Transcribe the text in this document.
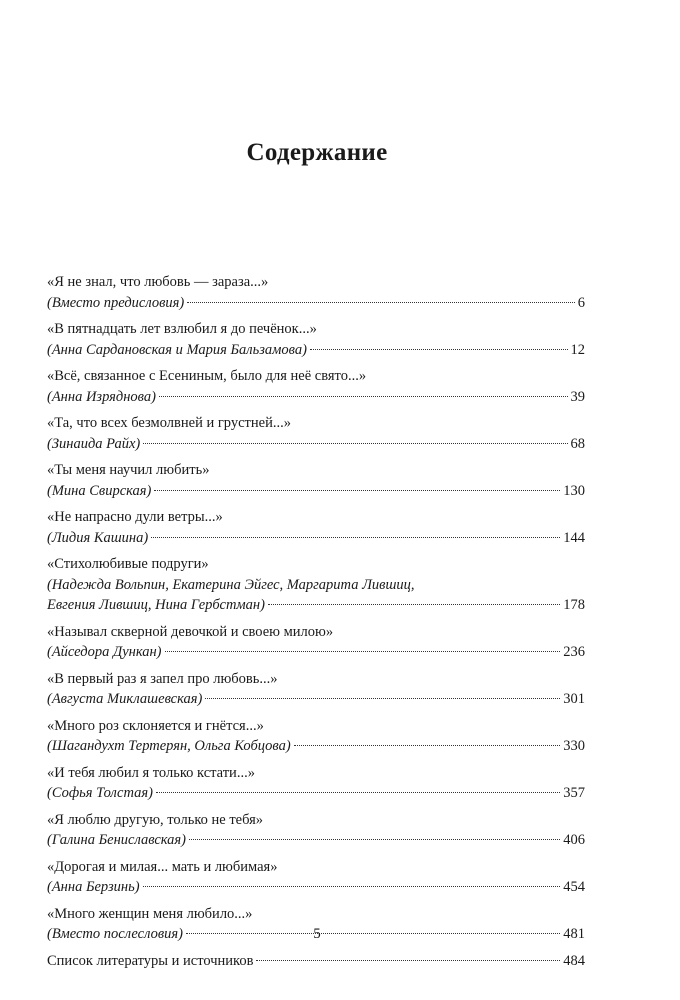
Содержание
«Я не знал, что любовь — зараза...»
(Вместо предисловия)	6
«В пятнадцать лет взлюбил я до печёнок...»
(Анна Сардановская и Мария Бальзамова)	12
«Всё, связанное с Есениным, было для неё свято...»
(Анна Изряднова)	39
«Та, что всех безмолвней и грустней...»
(Зинаида Райх)	68
«Ты меня научил любить»
(Мина Свирская)	130
«Не напрасно дули ветры...»
(Лидия Кашина)	144
«Стихолюбивые подруги»
(Надежда Вольпин, Екатерина Эйгес, Маргарита Лившиц,
Евгения Лившиц, Нина Гербстман)	178
«Называл скверной девочкой и своею милою»
(Айседора Дункан)	236
«В первый раз я запел про любовь...»
(Августа Миклашевская)	301
«Много роз склоняется и гнётся...»
(Шагандухт Тертерян, Ольга Кобцова)	330
«И тебя любил я только кстати...»
(Софья Толстая)	357
«Я люблю другую, только не тебя»
(Галина Бениславская)	406
«Дорогая и милая... мать и любимая»
(Анна Берзинь)	454
«Много женщин меня любило...»
(Вместо послесловия)	481
Список литературы и источников	484
5
